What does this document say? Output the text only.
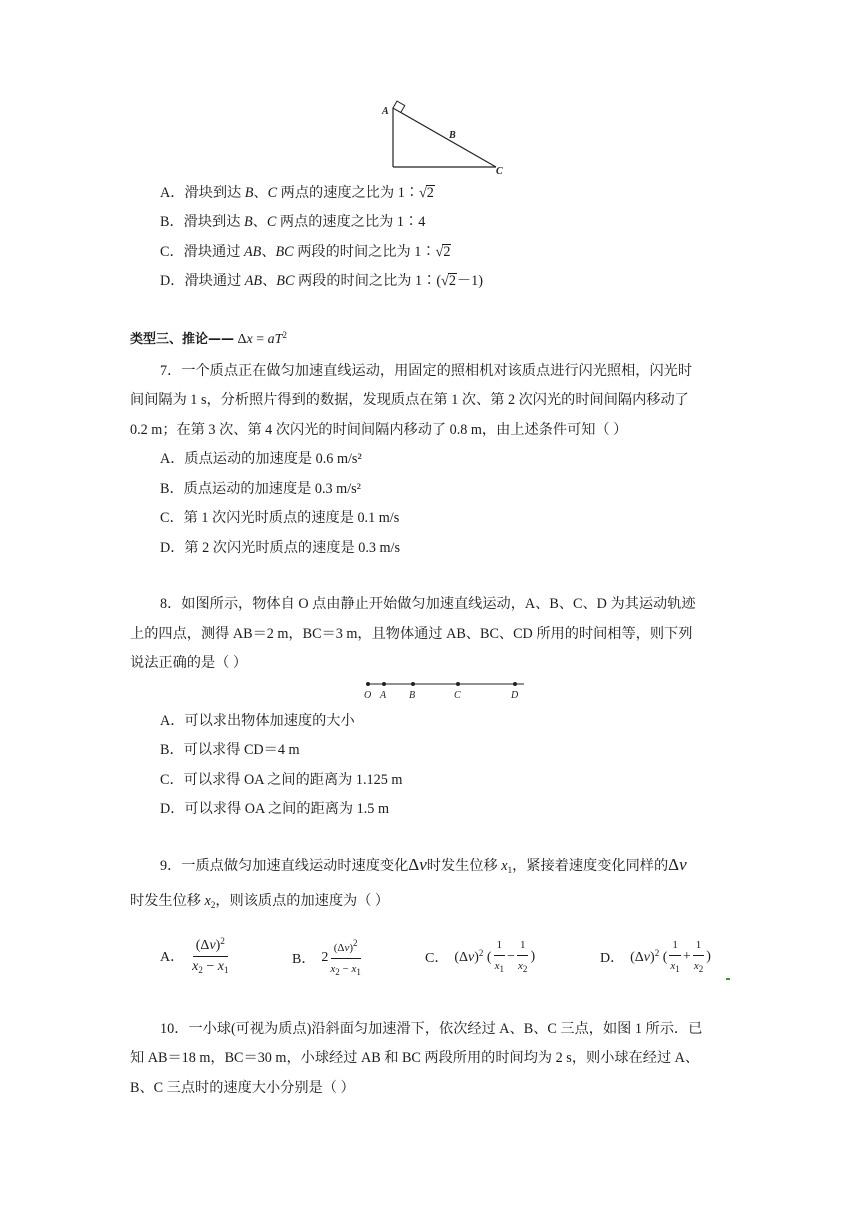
A
B
C
A．滑块到达 B、C 两点的速度之比为 1∶√2
B．滑块到达 B、C 两点的速度之比为 1∶4
C．滑块通过 AB、BC 两段的时间之比为 1∶√2
D．滑块通过 AB、BC 两段的时间之比为 1∶(√2－1)
类型三、推论—— $\Delta x = aT^2$
7．一个质点正在做匀加速直线运动，用固定的照相机对该质点进行闪光照相，闪光时
间间隔为 1 s，分析照片得到的数据，发现质点在第 1 次、第 2 次闪光的时间间隔内移动了
0.2 m；在第 3 次、第 4 次闪光的时间间隔内移动了 0.8 m，由上述条件可知（ ）
A．质点运动的加速度是 0.6 m/s²
B．质点运动的加速度是 0.3 m/s²
C．第 1 次闪光时质点的速度是 0.1 m/s
D．第 2 次闪光时质点的速度是 0.3 m/s
8．如图所示，物体自 O 点由静止开始做匀加速直线运动，A、B、C、D 为其运动轨迹
上的四点，测得 AB＝2 m，BC＝3 m，且物体通过 AB、BC、CD 所用的时间相等，则下列
说法正确的是（ ）
O A B	C	D
A．可以求出物体加速度的大小
B．可以求得 CD＝4 m
C．可以求得 OA 之间的距离为 1.125 m
D．可以求得 OA 之间的距离为 1.5 m
9．一质点做匀加速直线运动时速度变化Δv时发生位移 $x_1$，紧接着速度变化同样的Δv
时发生位移 $x_2$，则该质点的加速度为（ ）
A． $\frac{(\Delta v)^2}{x_2 - x_1}$	B． $2 \frac{(\Delta v)^2}{x_2 - x_1}$	C． $(\Delta v)^2$ ( $\frac{1}{x_1} - \frac{1}{x_2}$ )	D． $(\Delta v)^2$ ( $\frac{1}{x_1} + \frac{1}{x_2}$ )
10．一小球(可视为质点)沿斜面匀加速滑下，依次经过 A、B、C 三点，如图 1 所示．已
知 AB＝18 m，BC＝30 m，小球经过 AB 和 BC 两段所用的时间均为 2 s，则小球在经过 A、
B、C 三点时的速度大小分别是（ ）
